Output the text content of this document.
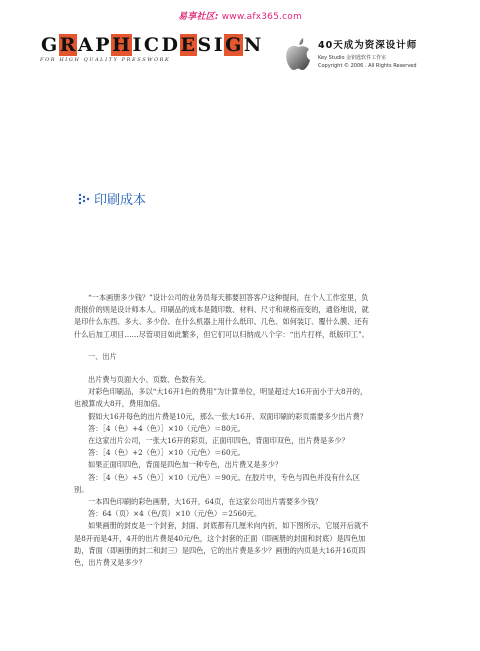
易享社区: www.afx365.com
G R A P H I C D E S I G N
FOR HIGH QUALITY PRESSWORK
40天成为资深设计师
Key Studio 金钥匙软件工作室
Copyright © 2006 . All Rights Reserved
印刷成本

“一本画册多少钱？”设计公司的业务员每天都要回答客户这种提问，在个人工作室里，负责报价的则是设计师本人。印刷品的成本是随印数、材料、尺寸和规格而变的，通俗地说，就是印什么东西、多大、多少份、在什么机器上用什么纸印、几色、如何装订、覆什么膜、还有什么后加工项目……尽管项目如此繁多，但它们可以归纳成八个字：“出片打样，纸版印工”。

一、出片

出片费与页面大小、页数、色数有关。

对彩色印刷品，多以“大16开1色的费用”为计算单位，明显超过大16开而小于大8开的，也被算成大8开，费用加倍。

假如大16开每色的出片费是10元，那么一张大16开、双面印刷的彩页需要多少出片费？

答：［4（色）+4（色）］×10（元/色）＝80元。

在这家出片公司，一张大16开的彩页，正面印四色，背面印双色，出片费是多少？

答：［4（色）+2（色）］×10（元/色）＝60元。

如果正面印四色，背面是四色加一种专色，出片费又是多少？

答：［4（色）+5（色）］×10（元/色）＝90元。在胶片中，专色与四色并没有什么区别。

一本四色印刷的彩色画册，大16开，64页，在这家公司出片需要多少钱？

答：64（页）×4（色/页）×10（元/色）＝2560元。

如果画册的封皮是一个封套，封面、封底都有几厘米向内折，如下图所示，它展开后就不是8开而是4开，4开的出片费是40元/色，这个封套的正面（即画册的封面和封底）是四色加助，背面（即画册的封二和封三）是四色，它的出片费是多少？画册的内页是大16开16页四色，出片费又是多少？
